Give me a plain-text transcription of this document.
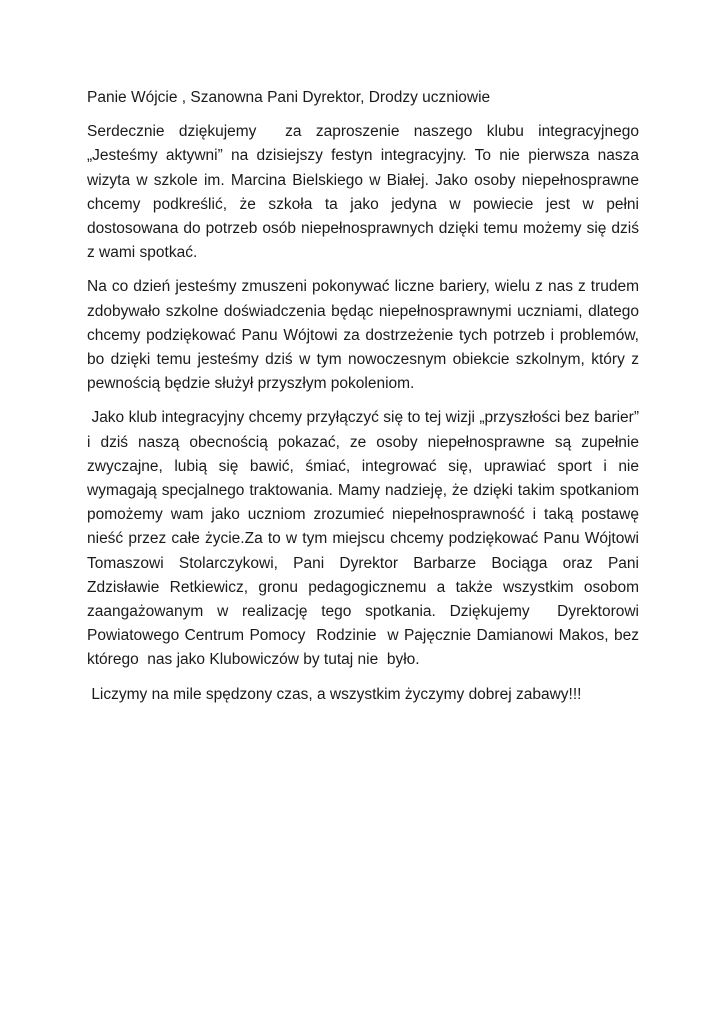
Panie Wójcie , Szanowna Pani Dyrektor, Drodzy uczniowie

Serdecznie dziękujemy  za zaproszenie naszego klubu integracyjnego „Jesteśmy aktywni” na dzisiejszy festyn integracyjny. To nie pierwsza nasza wizyta w szkole im. Marcina Bielskiego w Białej. Jako osoby niepełnosprawne chcemy podkreślić, że szkoła ta jako jedyna w powiecie jest w pełni dostosowana do potrzeb osób niepełnosprawnych dzięki temu możemy się dziś z wami spotkać.

Na co dzień jesteśmy zmuszeni pokonywać liczne bariery, wielu z nas z trudem zdobywało szkolne doświadczenia będąc niepełnosprawnymi uczniami, dlatego chcemy podziękować Panu Wójtowi za dostrzeżenie tych potrzeb i problemów, bo dzięki temu jesteśmy dziś w tym nowoczesnym obiekcie szkolnym, który z pewnością będzie służył przyszłym pokoleniom.

Jako klub integracyjny chcemy przyłączyć się to tej wizji „przyszłości bez barier” i dziś naszą obecnością pokazać, ze osoby niepełnosprawne są zupełnie zwyczajne, lubią się bawić, śmiać, integrować się, uprawiać sport i nie wymagają specjalnego traktowania. Mamy nadzieję, że dzięki takim spotkaniom pomożemy wam jako uczniom zrozumieć niepełnosprawność i taką postawę nieść przez całe życie.Za to w tym miejscu chcemy podziękować Panu Wójtowi Tomaszowi Stolarczykowi, Pani Dyrektor Barbarze Bociąga oraz Pani Zdzisławie Retkiewicz, gronu pedagogicznemu a także wszystkim osobom zaangażowanym w realizację tego spotkania. Dziękujemy  Dyrektorowi Powiatowego Centrum Pomocy  Rodzinie  w Pajęcznie Damianowi Makos, bez którego  nas jako Klubowiczów by tutaj nie  było.

Liczymy na mile spędzony czas, a wszystkim życzymy dobrej zabawy!!!
